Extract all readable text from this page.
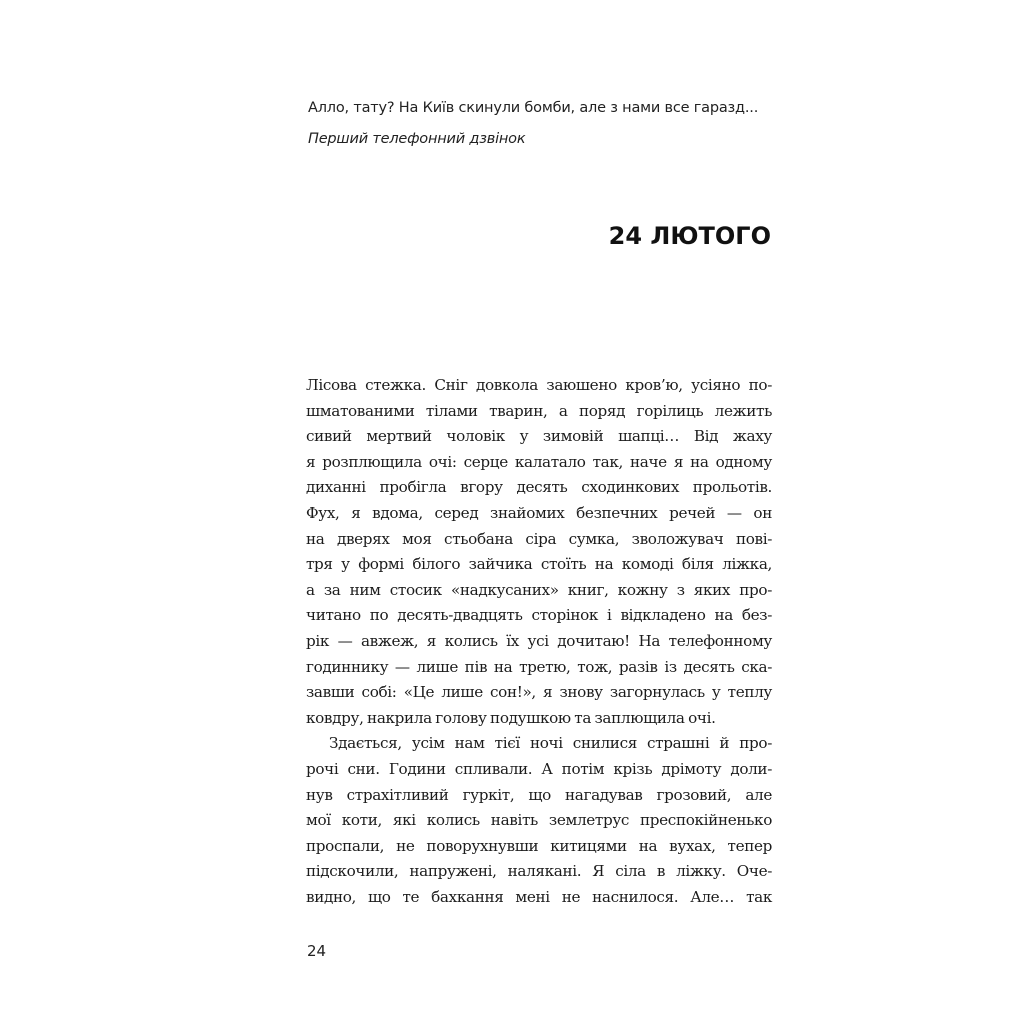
Алло, тату? На Київ скинули бомби, але з нами все гаразд...
Перший телефонний дзвінок
24 ЛЮТОГО
Лісова стежка. Сніг довкола заюшено кров’ю, усіяно по-
шматованими тілами тварин, а поряд горілиць лежить
сивий мертвий чоловік у зимовій шапці… Від жаху
я розплющила очі: серце калатало так, наче я на одному
диханні пробігла вгору десять сходинкових прольотів.
Фух, я вдома, серед знайомих безпечних речей — он
на дверях моя стьобана сіра сумка, зволожувач пові-
тря у формі білого зайчика стоїть на комоді біля ліжка,
а за ним стосик «надкусаних» книг, кожну з яких про-
читано по десять-двадцять сторінок і відкладено на без-
рік — авжеж, я колись їх усі дочитаю! На телефонному
годиннику — лише пів на третю, тож, разів із десять ска-
завши собі: «Це лише сон!», я знову загорнулась у теплу
ковдру, накрила голову подушкою та заплющила очі.
Здається, усім нам тієї ночі снилися страшні й про-
рочі сни. Години спливали. А потім крізь дрімоту доли-
нув страхітливий гуркіт, що нагадував грозовий, але
мої коти, які колись навіть землетрус преспокійненько
проспали, не поворухнувши китицями на вухах, тепер
підскочили, напружені, налякані. Я сіла в ліжку. Оче-
видно, що те бахкання мені не наснилося. Але… так
24
